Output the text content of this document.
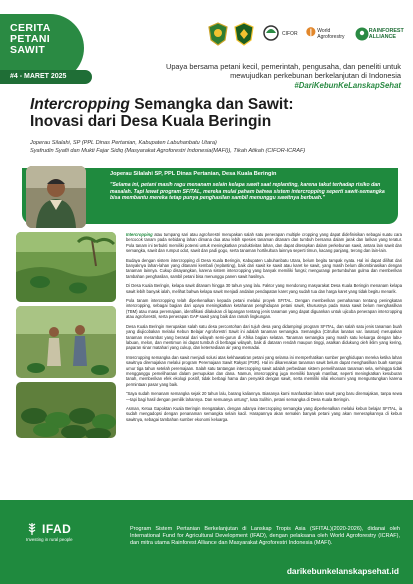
CERITA
PETANI
SAWIT
#4 - MARET 2025
CIFOR	World Agroforestry
RAINFOREST ALLIANCE
Upaya bersama petani kecil, pemerintah, pengusaha, dan peneliti untuk mewujudkan perkebunan berkelanjutan di Indonesia
#DariKebunKeLanskapSehat
Intercropping Semangka dan Sawit:
Inovasi dari Desa Kuala Beringin
Joperau Silalahi, SP (PPL Dinas Pertanian, Kabupaten Labuhanbatu Utara)
Syafrudin Syafii dan Mukti Fajar Sidiq (Masyarakat Agroforestri Indonesia(MAFI)), Tikah Atikah (CIFOR-ICRAF)
Joperau Silalahi SP, PPL Dinas Pertanian, Desa Kuala Beringin
"Selama ini, petani masih ragu menanam selain kelapa sawit saat replanting, karena takut terhadap risiko dan masalah. Tapi lewat program SFITAL, mereka mulai paham bahwa sistem intercropping seperti sawit-semangka bisa membantu mereka tetap punya penghasilan sambil menunggu sawitnya berbuah."

Intercropping atau tumpang sari atau agroforestri merupakan salah satu penerapan multiple cropping yang dapat didefinisikan sebagai suatu cara bercocok tanam pada sebidang lahan dimana dua atau lebih spesies tanaman ditanam dan tumbuh bersama dalam jarak dan larikan yang teratur. Pola tanam ini terbukti memiliki potensi untuk meningkatkan produktivitas lahan, dan dapat diterapkan dalam perkebunan sawit, antara lain sawit dan semangka, sawit dan rumput odot, sawit dan padi gogo, serta tanaman hortikultura lainnya seperti timun, kacang panjang, terong dan lain-lain.

Budaya dengan sistem intercropping di Desa Kuala Beringin, Kabupaten Labuhanbatu Utara, belum begitu tampak nyata. Hal ini dapat dilihat dari banyaknya lahan-lahan yang ditanami kembali (replanting), baik dari sawit ke sawit atau karet ke sawit, yang masih belum dikombinasikan dengan tanaman lainnya. Cukup disayangkan, karena sistem intercropping yang banyak memiliki fungsi; mengurangi pertumbuhan gulma dan memberikan tambahan penghasilan, sambil petani bisa menunggu panen sawit hasilnya.

Di Desa Kuala Beringin, kelapa sawit ditanam hingga 30 tahun yang lalu. Faktor yang mendorong masyarakat Desa Kuala Beringin menanam kelapa sawit lebih banyak ialah, melihat bahwa kelapa sawit menjadi andalan pendapatan karet yang sudah tua dan harga karet yang tidak begitu menarik.

Pola tanam intercropping telah diperkenalkan kepada petani melalui proyek SFITAL. Dengan memberikan pemahaman tentang peningkatan intercropping, sebagai bagian dari upaya meningkatkan ketahanan penghidupan petani sawit, khususnya pada masa sawit belum menghasilkan (TBM) atau masa peremajaan, identifikasi dilakukan di lapangan tentang jenis tanaman yang dapat diguankan untuk ujicoba penerapan intercropping atau agroforestri, serta penerapan GAP sawit yang baik dan ramah lingkungan.

Desa Kuala Beringin merupakan salah satu desa percontohan dari tujuh desa yang didampingi program SFITAL, dan salah satu jenis tanaman buah yang diujicobakan melalui Kebun Belajar Agroforestri Sawit ini adalah tanaman semangka. Semangka (Citrullus lanatus var. lanatus) merupakan tanaman merambat yang berasal dari wilayah semi-gurun di Afrika bagian selatan. Tanaman semangka yang masih satu keluarga dengan labu-labuan, melon, dan mentimun ini dapat tumbuh di berbagai wilayah, baik di dataran rendah maupun tinggi, asalkan didukung oleh iklim yang kering, paparan sinar matahari yang cukup, dan ketersediaan air yang memadai.

Intercropping semangka dan sawit menjadi solusi atas kekhawatiran petani yang selama ini memperhatikan sumber penghidupan mereka ketika lahan sawitnya diremajakan melalui program Peremajaan Sawit Rakyat (PSR). Hal ini dikarenakan tanaman sawit belum dapat menghasilkan buah sampai umur tiga tahun setelah peremajaan. Salah satu tantangan intercropping sawit adalah perbedaan sistem pemeliharaan tanaman sela, sehingga tidak mengganggu pemeliharaan dalam pemupukan dan dana. Namun, intercropping juga memiliki banyak manfaat, seperti meningkatkan kesuburan tanah, memberikan efek ekologi positif, tidak berbagi hama dan penyakit dengan sawit, serta memiliki nilai ekonomi yang menguntungkan karena permintaan pasar yang baik.

"Saya sudah menanam semangka sejak 20 tahun lalu, barang kaliannya. Biasanya kami manfaatkan lahan sawit yang baru diremajakan, tanpa sewa—tapi bagi hasil dengan pemilik lahannya. Dan semuanya untung", kata Sulihin, petani semangka di Desa Kuala Beringin.

Asman, Ketua Gapoktan Kuala Beringin mengatakan, dengan adanya intercropping semangka yang diperkenalkan melalui kebun belajar SFITAL, ia sudah mengadopsi dengan penanaman semangka selain kacil. Harapannya akan semakin banyak petani yang akan menerapkannya di kebun sawitnya, sebagai tambahan sumber ekonomi keluarga.

IFAD
Investing in rural people
Program Sistem Pertanian Berkelanjutan di Lanskap Tropis Asia (SFITAL)(2020-2026), didanai oleh International Fund for Agricultural Development (IFAD), dengan pelaksana oleh World Agroforestry (ICRAF), dan mitra utama Rainforest Alliance dan Masyarakat Agroforestri Indonesia (MAFI).
darikebunkelanskapsehat.id
